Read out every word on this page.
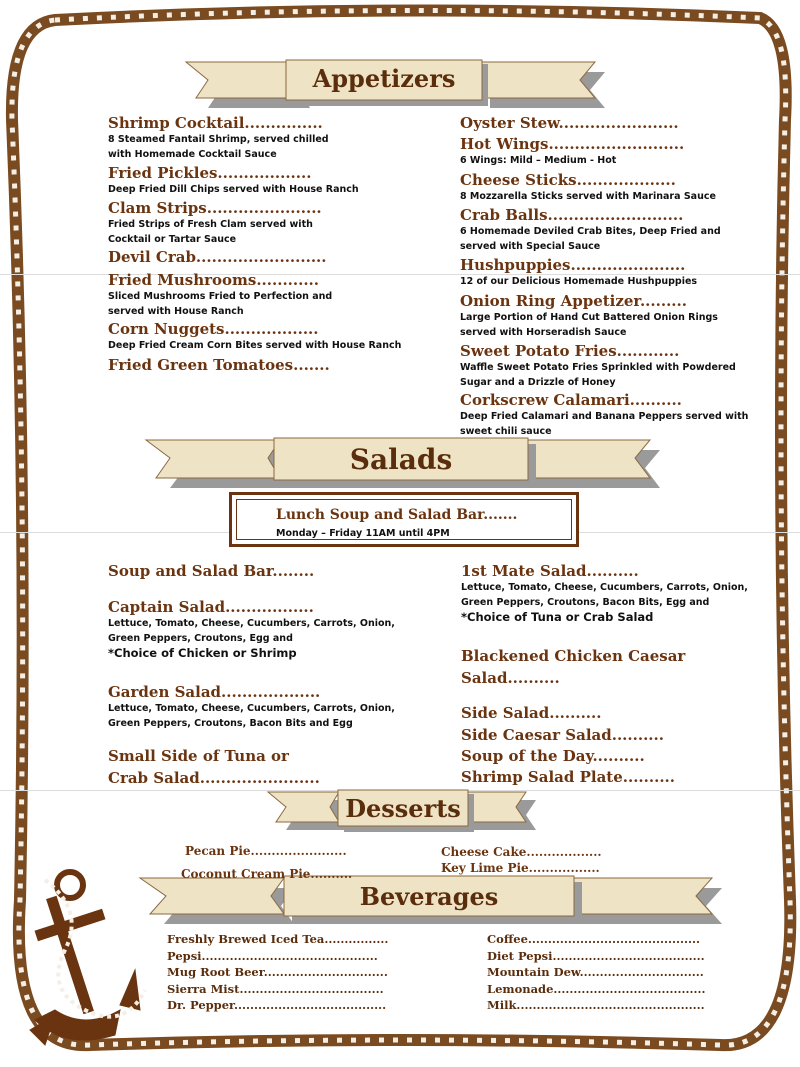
Appetizers
Salads
Lunch Soup and Salad Bar.......
Monday – Friday 11AM until 4PM
Desserts
Beverages
Shrimp Cocktail...............
8 Steamed Fantail Shrimp, served chilled
with Homemade Cocktail Sauce
Fried Pickles..................
Deep Fried Dill Chips served with House Ranch
Clam Strips......................
Fried Strips of Fresh Clam served with
Cocktail or Tartar Sauce
Devil Crab.........................
Fried Mushrooms............
Sliced Mushrooms Fried to Perfection and
served with House Ranch
Corn Nuggets..................
Deep Fried Cream Corn Bites served with House Ranch
Fried Green Tomatoes.......
Oyster Stew.......................
Hot Wings..........................
6 Wings: Mild – Medium - Hot
Cheese Sticks...................
8 Mozzarella Sticks served with Marinara Sauce
Crab Balls..........................
6 Homemade Deviled Crab Bites, Deep Fried and
served with Special Sauce
Hushpuppies......................
12 of our Delicious Homemade Hushpuppies
Onion Ring Appetizer.........
Large Portion of Hand Cut Battered Onion Rings
served with Horseradish Sauce
Sweet Potato Fries............
Waffle Sweet Potato Fries Sprinkled with Powdered
Sugar and a Drizzle of Honey
Corkscrew Calamari..........
Deep Fried Calamari and Banana Peppers served with
sweet chili sauce
Soup and Salad Bar........
Captain Salad.................
Lettuce, Tomato, Cheese, Cucumbers, Carrots, Onion,
Green Peppers, Croutons, Egg and
*Choice of Chicken or Shrimp
Garden Salad...................
Lettuce, Tomato, Cheese, Cucumbers, Carrots, Onion,
Green Peppers, Croutons, Bacon Bits and Egg
Small Side of Tuna or
Crab Salad.......................
1st Mate Salad..........
Lettuce, Tomato, Cheese, Cucumbers, Carrots, Onion,
Green Peppers, Croutons, Bacon Bits, Egg and
*Choice of Tuna or Crab Salad
Blackened Chicken Caesar
Salad..........
Side Salad..........
Side Caesar Salad..........
Soup of the Day..........
Shrimp Salad Plate..........
Pecan Pie.......................
Coconut Cream Pie..........
Cheese Cake..................
Key Lime Pie.................
Freshly Brewed Iced Tea................
Pepsi............................................
Mug Root Beer...............................
Sierra Mist....................................
Dr. Pepper......................................
Coffee...........................................
Diet Pepsi......................................
Mountain Dew...............................
Lemonade......................................
Milk...............................................
